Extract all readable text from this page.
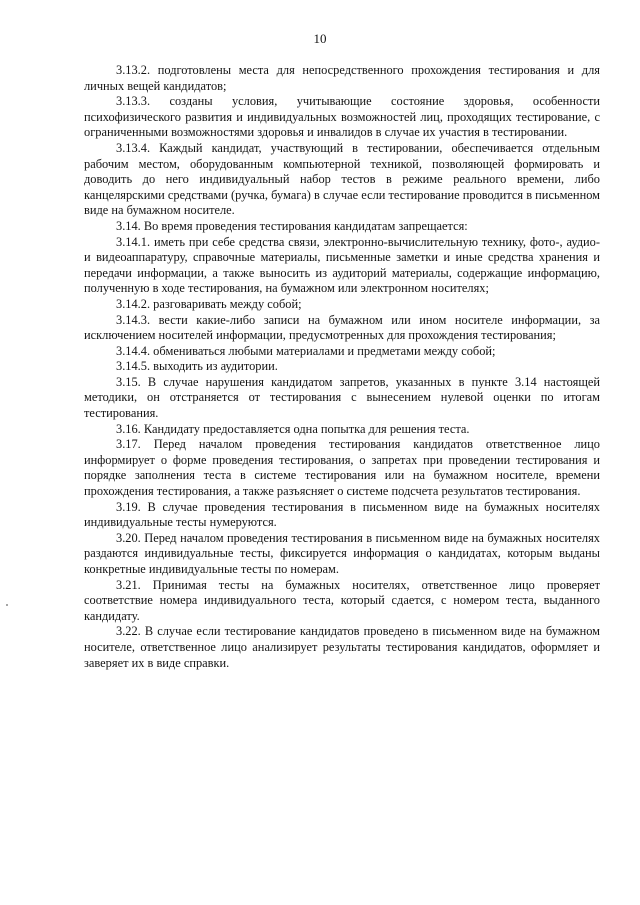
10

3.13.2. подготовлены места для непосредственного прохождения тестирования и для личных вещей кандидатов;

3.13.3. созданы условия, учитывающие состояние здоровья, особенности психофизического развития и индивидуальных возможностей лиц, проходящих тестирование, с ограниченными возможностями здоровья и инвалидов в случае их участия в тестировании.

3.13.4. Каждый кандидат, участвующий в тестировании, обеспечивается отдельным рабочим местом, оборудованным компьютерной техникой, позволяющей формировать и доводить до него индивидуальный набор тестов в режиме реального времени, либо канцелярскими средствами (ручка, бумага) в случае если тестирование проводится в письменном виде на бумажном носителе.

3.14. Во время проведения тестирования кандидатам запрещается:

3.14.1. иметь при себе средства связи, электронно-вычислительную технику, фото-, аудио- и видеоаппаратуру, справочные материалы, письменные заметки и иные средства хранения и передачи информации, а также выносить из аудиторий материалы, содержащие информацию, полученную в ходе тестирования, на бумажном или электронном носителях;

3.14.2. разговаривать между собой;

3.14.3. вести какие-либо записи на бумажном или ином носителе информации, за исключением носителей информации, предусмотренных для прохождения тестирования;

3.14.4. обмениваться любыми материалами и предметами между собой;

3.14.5. выходить из аудитории.

3.15. В случае нарушения кандидатом запретов, указанных в пункте 3.14 настоящей методики, он отстраняется от тестирования с вынесением нулевой оценки по итогам тестирования.

3.16. Кандидату предоставляется одна попытка для решения теста.

3.17. Перед началом проведения тестирования кандидатов ответственное лицо информирует о форме проведения тестирования, о запретах при проведении тестирования и порядке заполнения теста в системе тестирования или на бумажном носителе, времени прохождения тестирования, а также разъясняет о системе подсчета результатов тестирования.

3.19. В случае проведения тестирования в письменном виде на бумажных носителях индивидуальные тесты нумеруются.

3.20. Перед началом проведения тестирования в письменном виде на бумажных носителях раздаются индивидуальные тесты, фиксируется информация о кандидатах, которым выданы конкретные индивидуальные тесты по номерам.

3.21. Принимая тесты на бумажных носителях, ответственное лицо проверяет соответствие номера индивидуального теста, который сдается, с номером теста, выданного кандидату.

3.22. В случае если тестирование кандидатов проведено в письменном виде на бумажном носителе, ответственное лицо анализирует результаты тестирования кандидатов, оформляет и заверяет их в виде справки.
